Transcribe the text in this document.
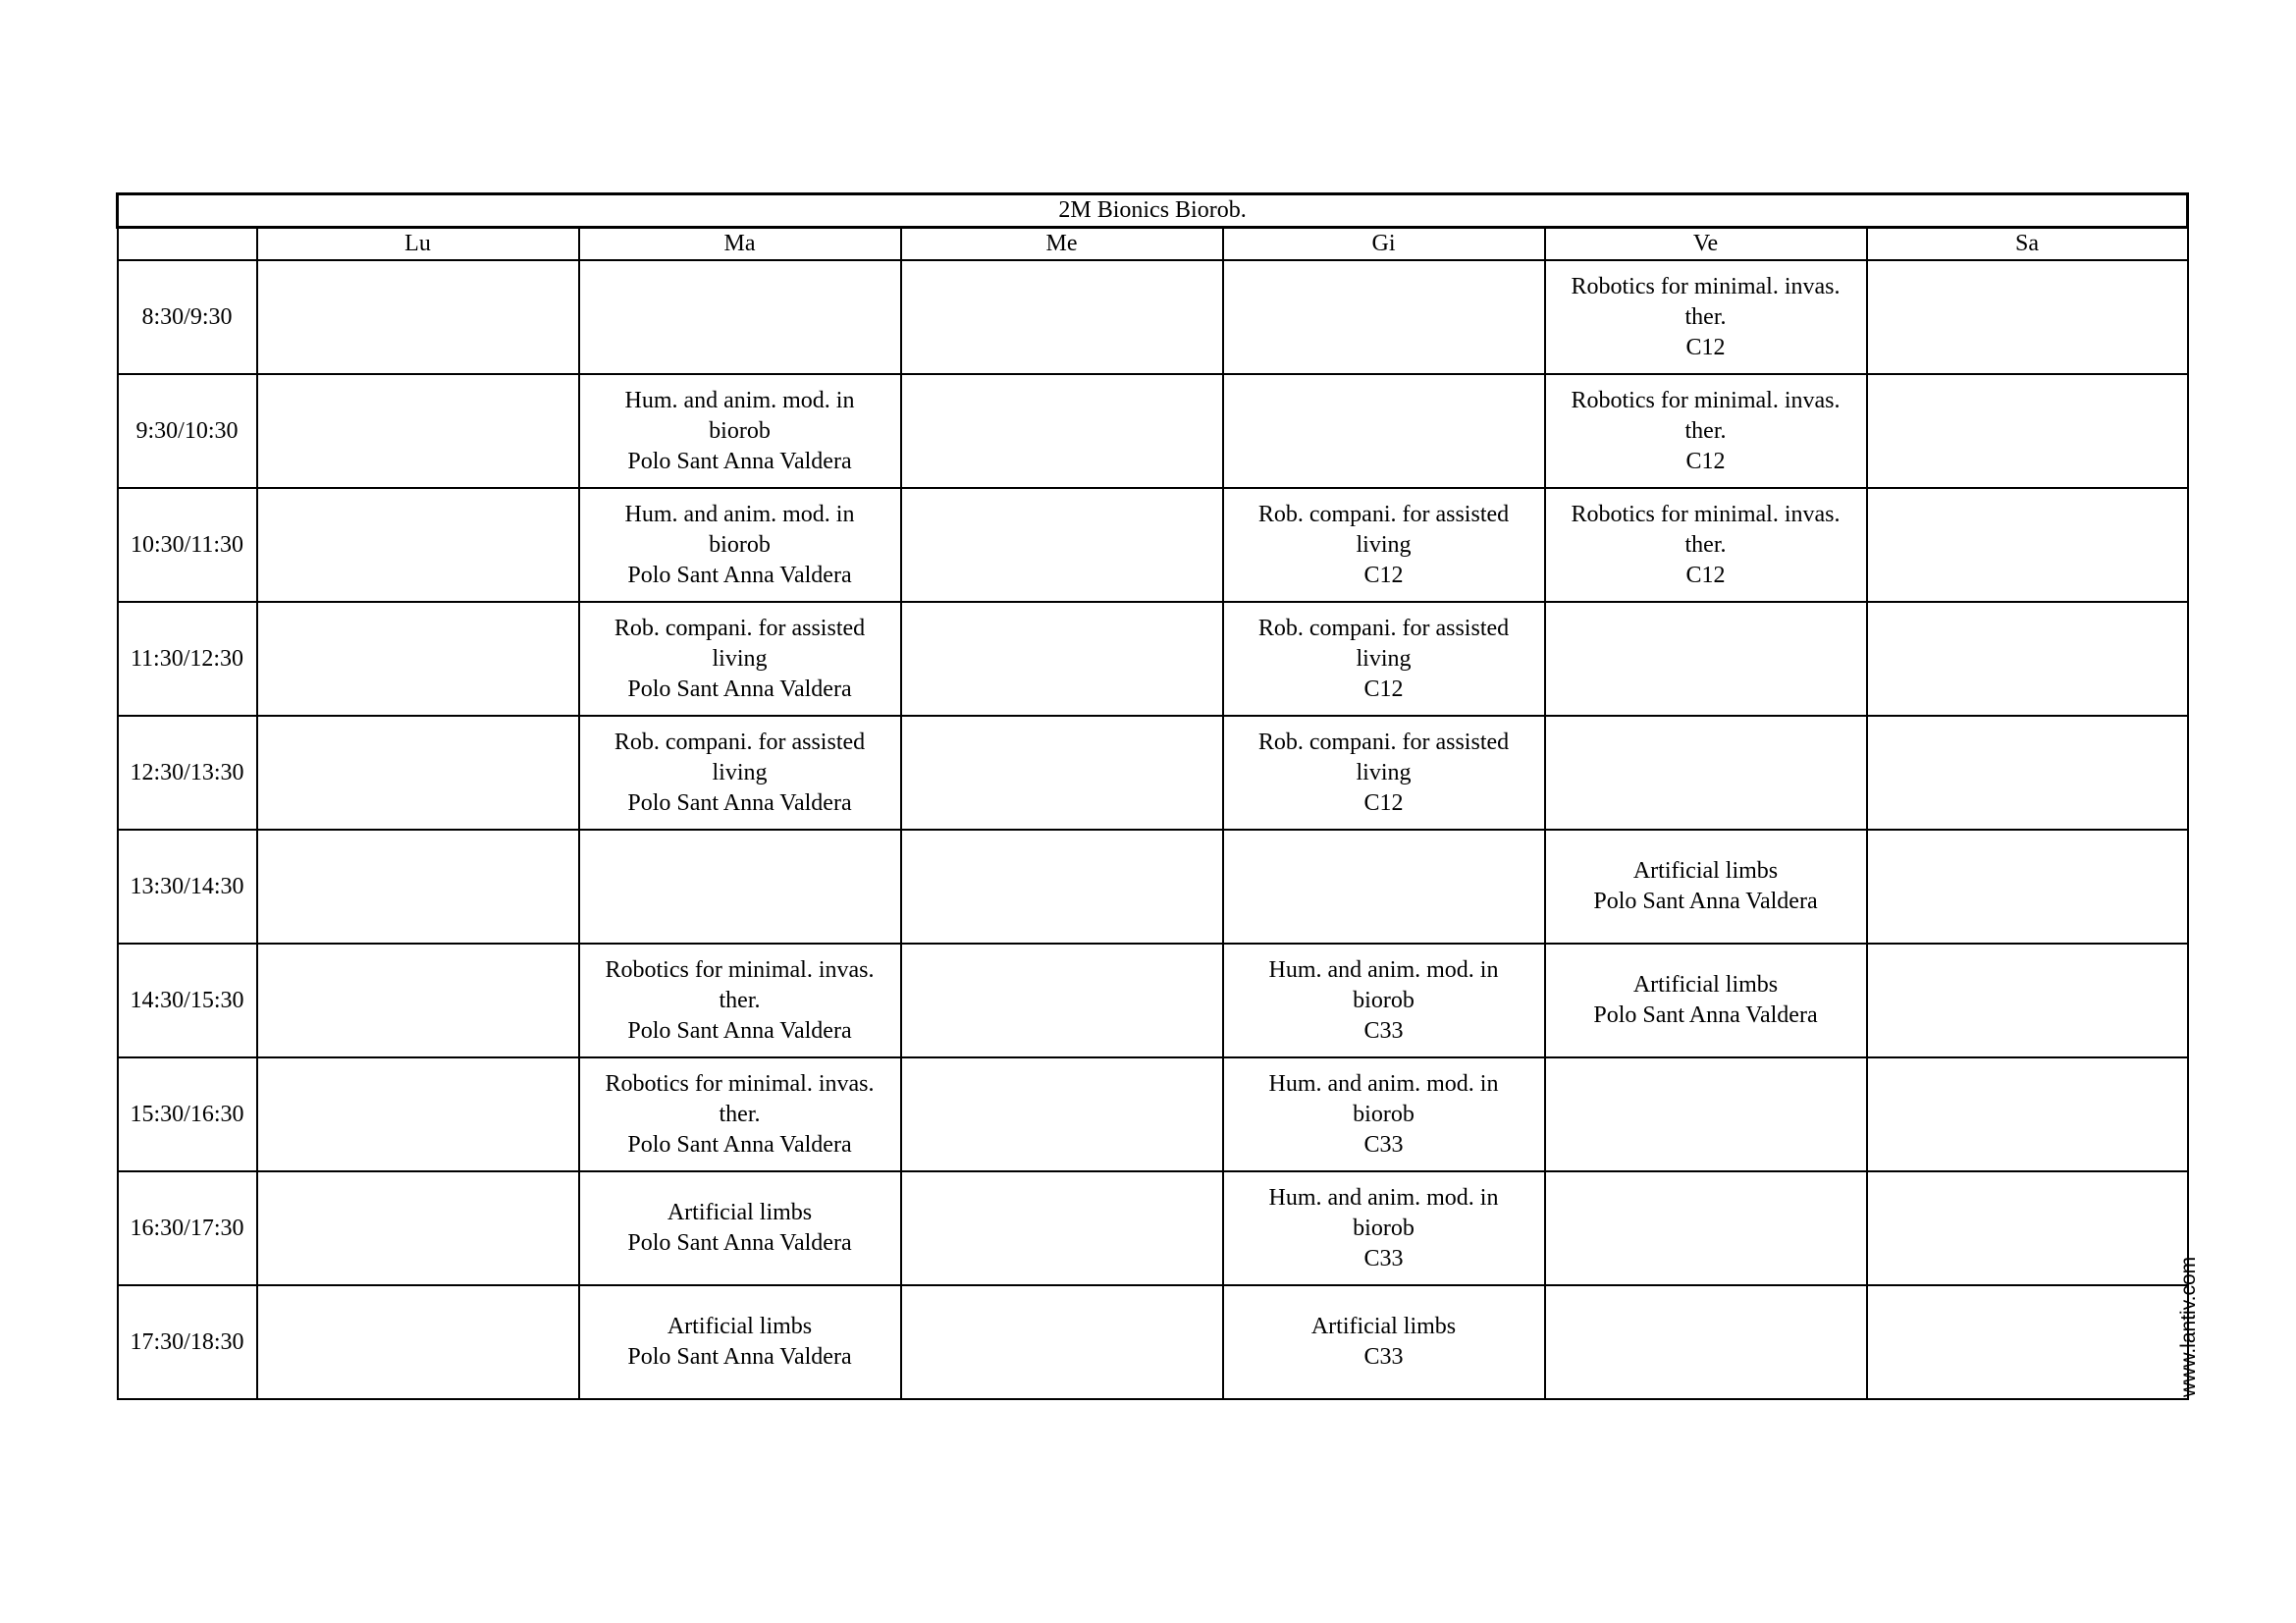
2M Bionics Biorob.						
	Lu	Ma	Me	Gi	Ve	Sa
8:30/9:30					Robotics for minimal. invas.
ther.
C12	

9:30/10:30		Hum. and anim. mod. in
biorob
Polo Sant Anna Valdera			Robotics for minimal. invas.
ther.
C12	

10:30/11:30		Hum. and anim. mod. in
biorob
Polo Sant Anna Valdera		Rob. compani. for assisted
living
C12	Robotics for minimal. invas.
ther.
C12	

11:30/12:30		Rob. compani. for assisted
living
Polo Sant Anna Valdera		Rob. compani. for assisted
living
C12		

12:30/13:30		Rob. compani. for assisted
living
Polo Sant Anna Valdera		Rob. compani. for assisted
living
C12		

13:30/14:30					Artificial limbs
Polo Sant Anna Valdera	

14:30/15:30		Robotics for minimal. invas.
ther.
Polo Sant Anna Valdera		Hum. and anim. mod. in
biorob
C33	Artificial limbs
Polo Sant Anna Valdera	

15:30/16:30		Robotics for minimal. invas.
ther.
Polo Sant Anna Valdera		Hum. and anim. mod. in
biorob
C33		

16:30/17:30		Artificial limbs
Polo Sant Anna Valdera		Hum. and anim. mod. in
biorob
C33		

17:30/18:30		Artificial limbs
Polo Sant Anna Valdera		Artificial limbs
C33		
			www.lantiv.com
